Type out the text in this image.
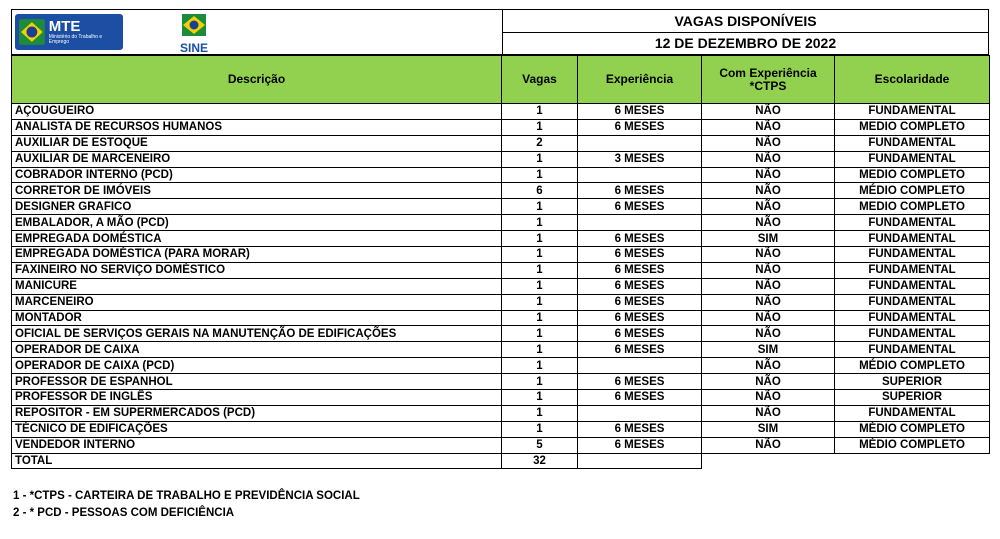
MTE
Ministério do Trabalho e Emprego	SINE
VAGAS DISPONÍVEIS
12 DE DEZEMBRO DE 2022
Descrição	Vagas	Experiência	Com Experiência *CTPS	Escolaridade
AÇOUGUEIRO	1	6 MESES	NÃO	FUNDAMENTAL
ANALISTA DE RECURSOS HUMANOS	1	6 MESES	NÃO	MEDIO COMPLETO
AUXILIAR DE ESTOQUE	2		NÃO	FUNDAMENTAL
AUXILIAR DE MARCENEIRO	1	3 MESES	NÃO	FUNDAMENTAL
COBRADOR INTERNO (PCD)	1		NÃO	MEDIO COMPLETO
CORRETOR DE IMÓVEIS	6	6 MESES	NÃO	MÉDIO COMPLETO
DESIGNER GRAFICO	1	6 MESES	NÃO	MEDIO COMPLETO
EMBALADOR, A MÃO (PCD)	1		NÃO	FUNDAMENTAL
EMPREGADA DOMÉSTICA	1	6 MESES	SIM	FUNDAMENTAL
EMPREGADA DOMÉSTICA (PARA MORAR)	1	6 MESES	NÃO	FUNDAMENTAL
FAXINEIRO NO SERVIÇO DOMÉSTICO	1	6 MESES	NÃO	FUNDAMENTAL
MANICURE	1	6 MESES	NÃO	FUNDAMENTAL
MARCENEIRO	1	6 MESES	NÃO	FUNDAMENTAL
MONTADOR	1	6 MESES	NÃO	FUNDAMENTAL
OFICIAL DE SERVIÇOS GERAIS NA MANUTENÇÃO DE EDIFICAÇÕES	1	6 MESES	NÃO	FUNDAMENTAL
OPERADOR DE CAIXA	1	6 MESES	SIM	FUNDAMENTAL
OPERADOR DE CAIXA (PCD)	1		NÃO	MÉDIO COMPLETO
PROFESSOR DE ESPANHOL	1	6 MESES	NÃO	SUPERIOR
PROFESSOR DE INGLÊS	1	6 MESES	NÃO	SUPERIOR
REPOSITOR - EM SUPERMERCADOS (PCD)	1		NÃO	FUNDAMENTAL
TÉCNICO DE EDIFICAÇÕES	1	6 MESES	SIM	MÉDIO COMPLETO
VENDEDOR INTERNO	5	6 MESES	NÃO	MÉDIO COMPLETO
TOTAL	32			
1 - *CTPS - CARTEIRA DE TRABALHO E PREVIDÊNCIA SOCIAL
2 - * PCD - PESSOAS COM DEFICIÊNCIA
